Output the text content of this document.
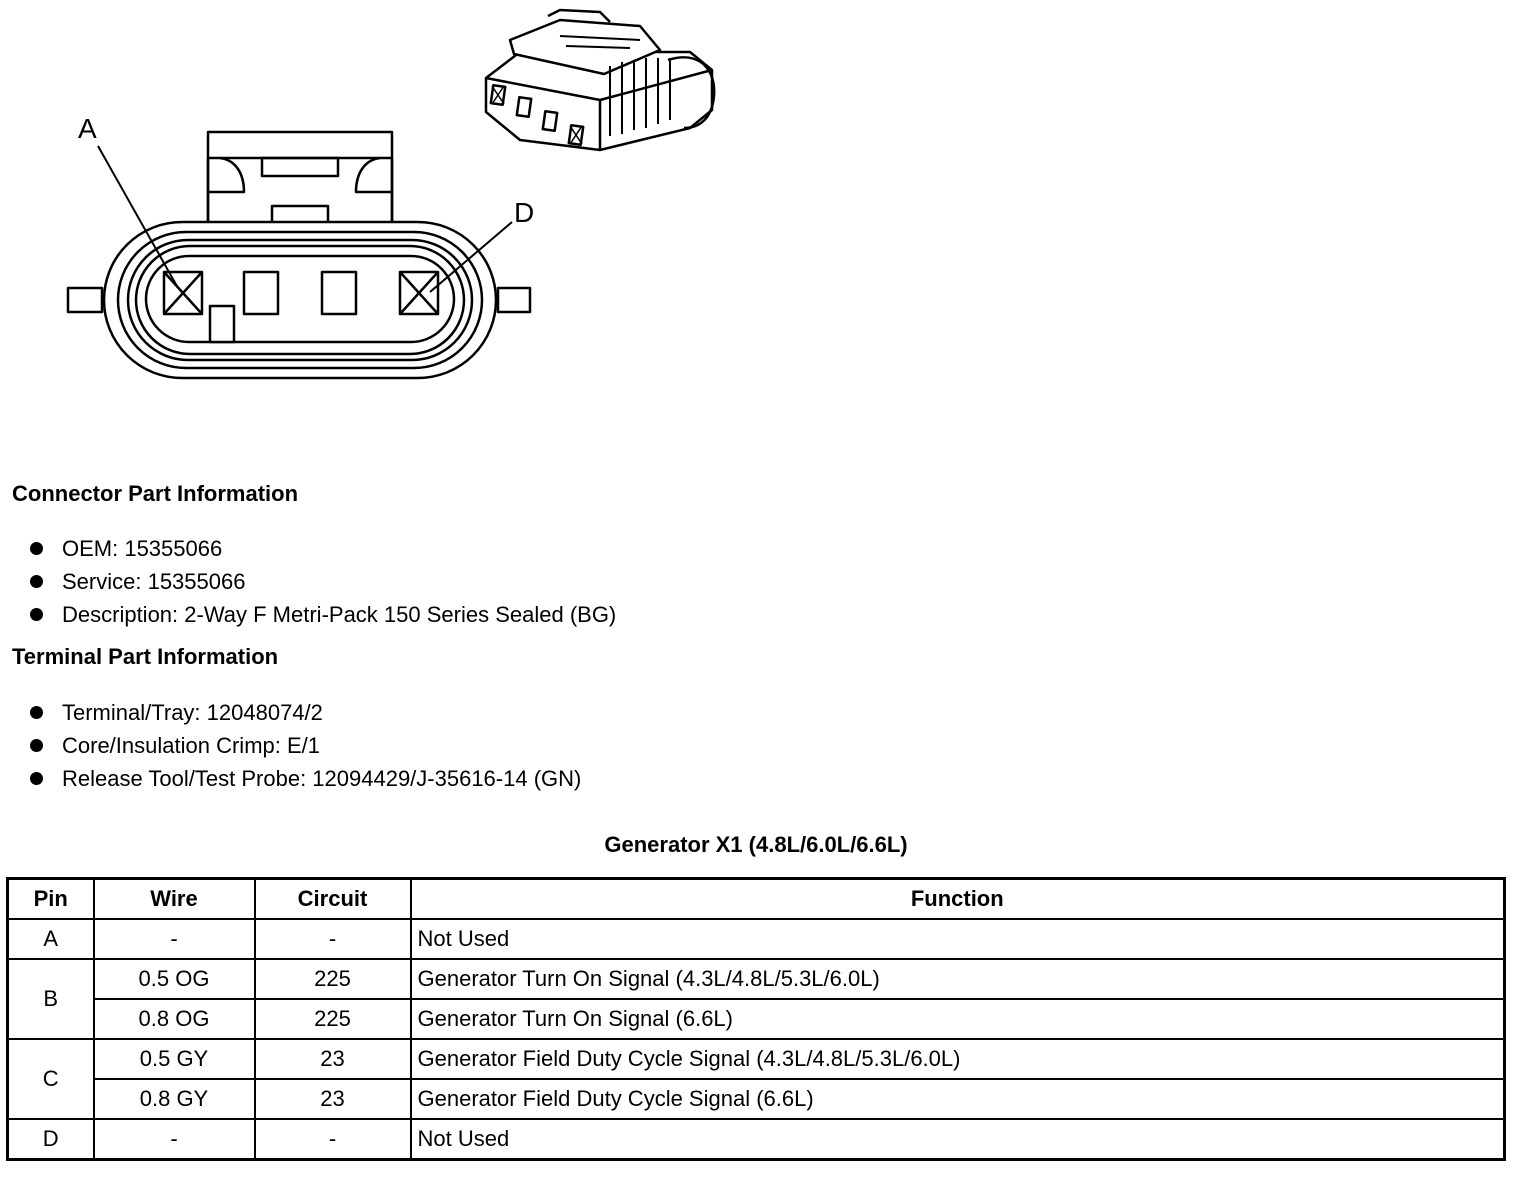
A
D
Connector Part Information
OEM: 15355066
Service: 15355066
Description: 2-Way F Metri-Pack 150 Series Sealed (BG)
Terminal Part Information
Terminal/Tray: 12048074/2
Core/Insulation Crimp: E/1
Release Tool/Test Probe: 12094429/J-35616-14 (GN)
Generator X1 (4.8L/6.0L/6.6L)
Pin	Wire	Circuit	Function
A	-	-	Not Used
B	0.5 OG	225	Generator Turn On Signal (4.3L/4.8L/5.3L/6.0L)
	0.8 OG	225	Generator Turn On Signal (6.6L)
C	0.5 GY	23	Generator Field Duty Cycle Signal (4.3L/4.8L/5.3L/6.0L)
	0.8 GY	23	Generator Field Duty Cycle Signal (6.6L)
D	-	-	Not Used
